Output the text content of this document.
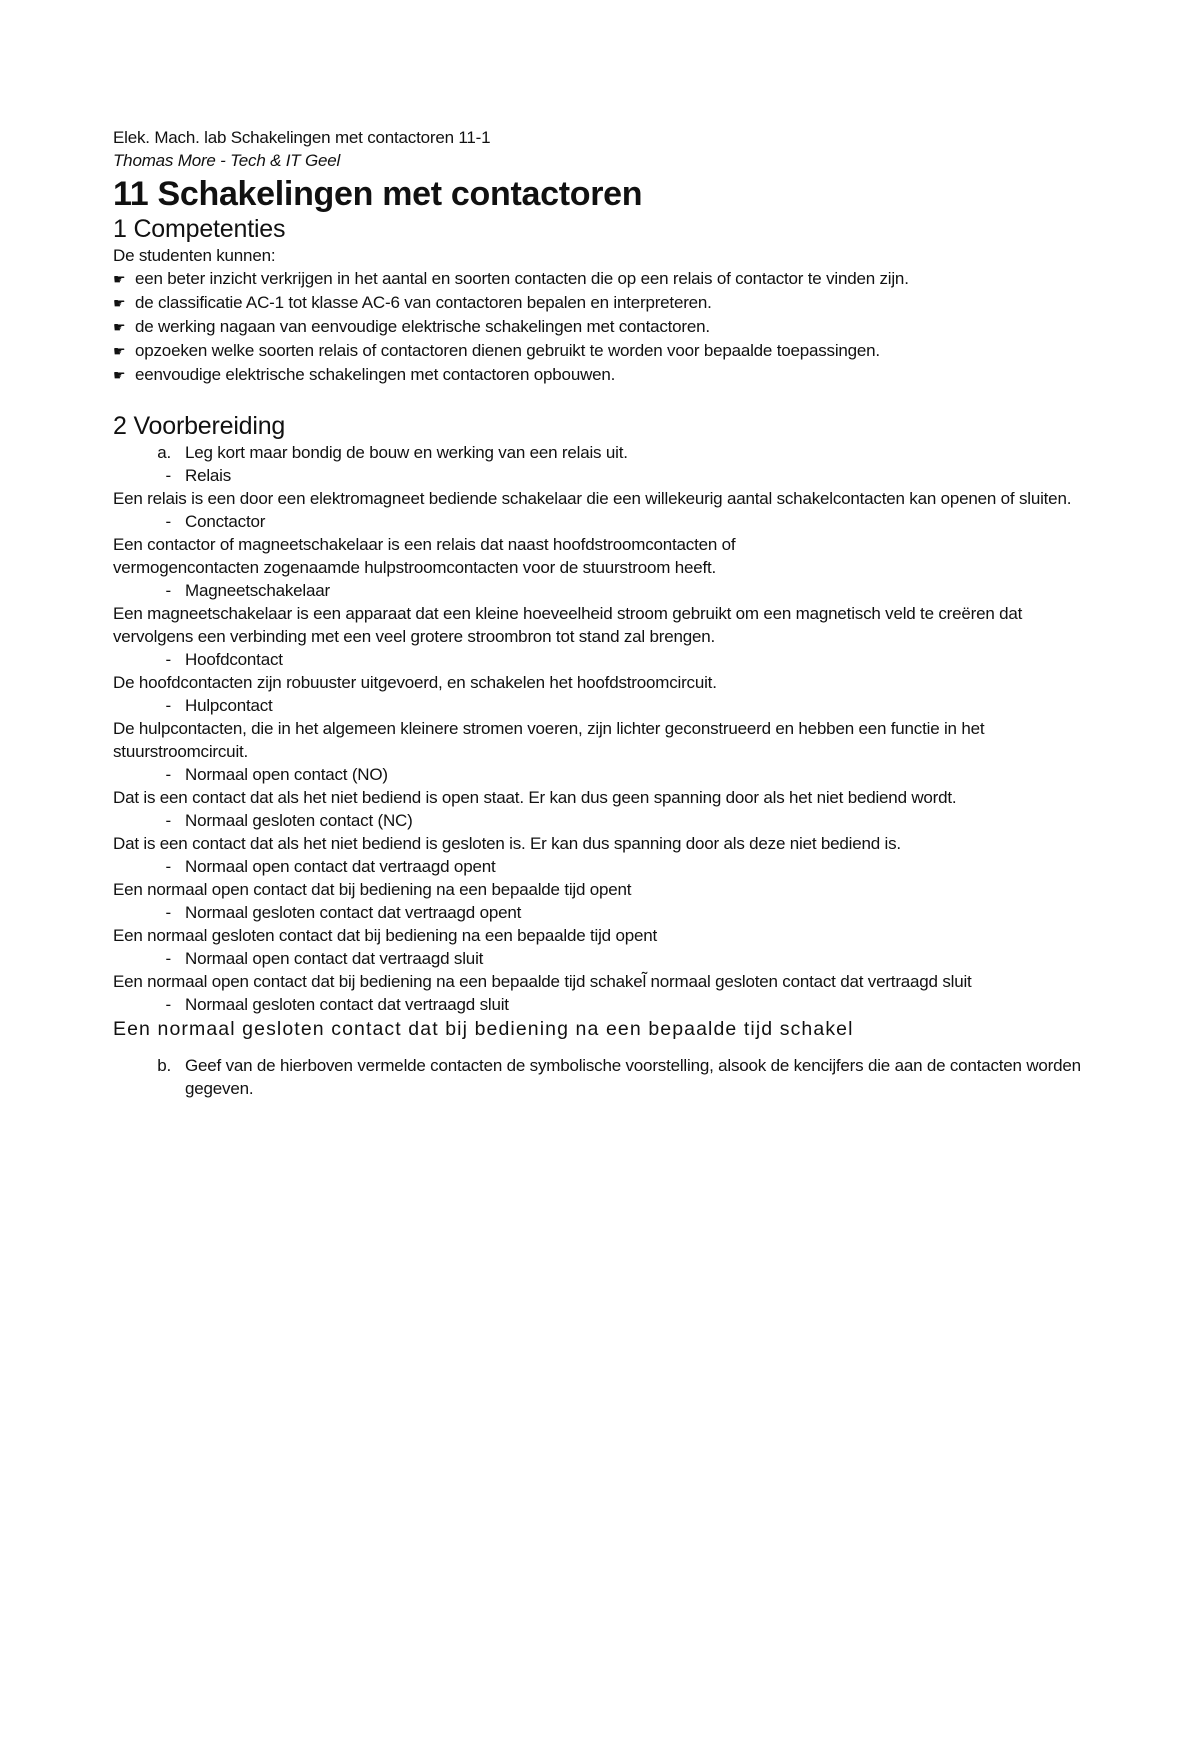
Elek. Mach. lab Schakelingen met contactoren 11-1
Thomas More - Tech & IT Geel
11 Schakelingen met contactoren
1 Competenties
De studenten kunnen:
☛ een beter inzicht verkrijgen in het aantal en soorten contacten die op een relais of contactor te vinden zijn.
☛ de classificatie AC-1 tot klasse AC-6 van contactoren bepalen en interpreteren.
☛ de werking nagaan van eenvoudige elektrische schakelingen met contactoren.
☛ opzoeken welke soorten relais of contactoren dienen gebruikt te worden voor bepaalde toepassingen.
☛ eenvoudige elektrische schakelingen met contactoren opbouwen.
2 Voorbereiding
a. Leg kort maar bondig de bouw en werking van een relais uit.
- Relais
Een relais is een door een elektromagneet bediende schakelaar die een willekeurig aantal schakelcontacten kan openen of sluiten.
- Conctactor
Een contactor of magneetschakelaar is een relais dat naast hoofdstroomcontacten of vermogencontacten zogenaamde hulpstroomcontacten voor de stuurstroom heeft.
- Magneetschakelaar
Een magneetschakelaar is een apparaat dat een kleine hoeveelheid stroom gebruikt om een magnetisch veld te creëren dat vervolgens een verbinding met een veel grotere stroombron tot stand zal brengen.
- Hoofdcontact
De hoofdcontacten zijn robuuster uitgevoerd, en schakelen het hoofdstroomcircuit.
- Hulpcontact
De hulpcontacten, die in het algemeen kleinere stromen voeren, zijn lichter geconstrueerd en hebben een functie in het stuurstroomcircuit.
- Normaal open contact (NO)
Dat is een contact dat als het niet bediend is open staat. Er kan dus geen spanning door als het niet bediend wordt.
- Normaal gesloten contact (NC)
Dat is een contact dat als het niet bediend is gesloten is. Er kan dus spanning door als deze niet bediend is.
- Normaal open contact dat vertraagd opent
Een normaal open contact dat bij bediening na een bepaalde tijd opent
- Normaal gesloten contact dat vertraagd opent
Een normaal gesloten contact dat bij bediening na een bepaalde tijd opent
- Normaal open contact dat vertraagd sluit
Een normaal open contact dat bij bediening na een bepaalde tijd schakel̃ normaal gesloten contact dat vertraagd sluit
- Normaal gesloten contact dat vertraagd sluit
Een normaal gesloten contact dat bij bediening na een bepaalde tijd schakel
b. Geef van de hierboven vermelde contacten de symbolische voorstelling, alsook de kencijfers die aan de contacten worden gegeven.
